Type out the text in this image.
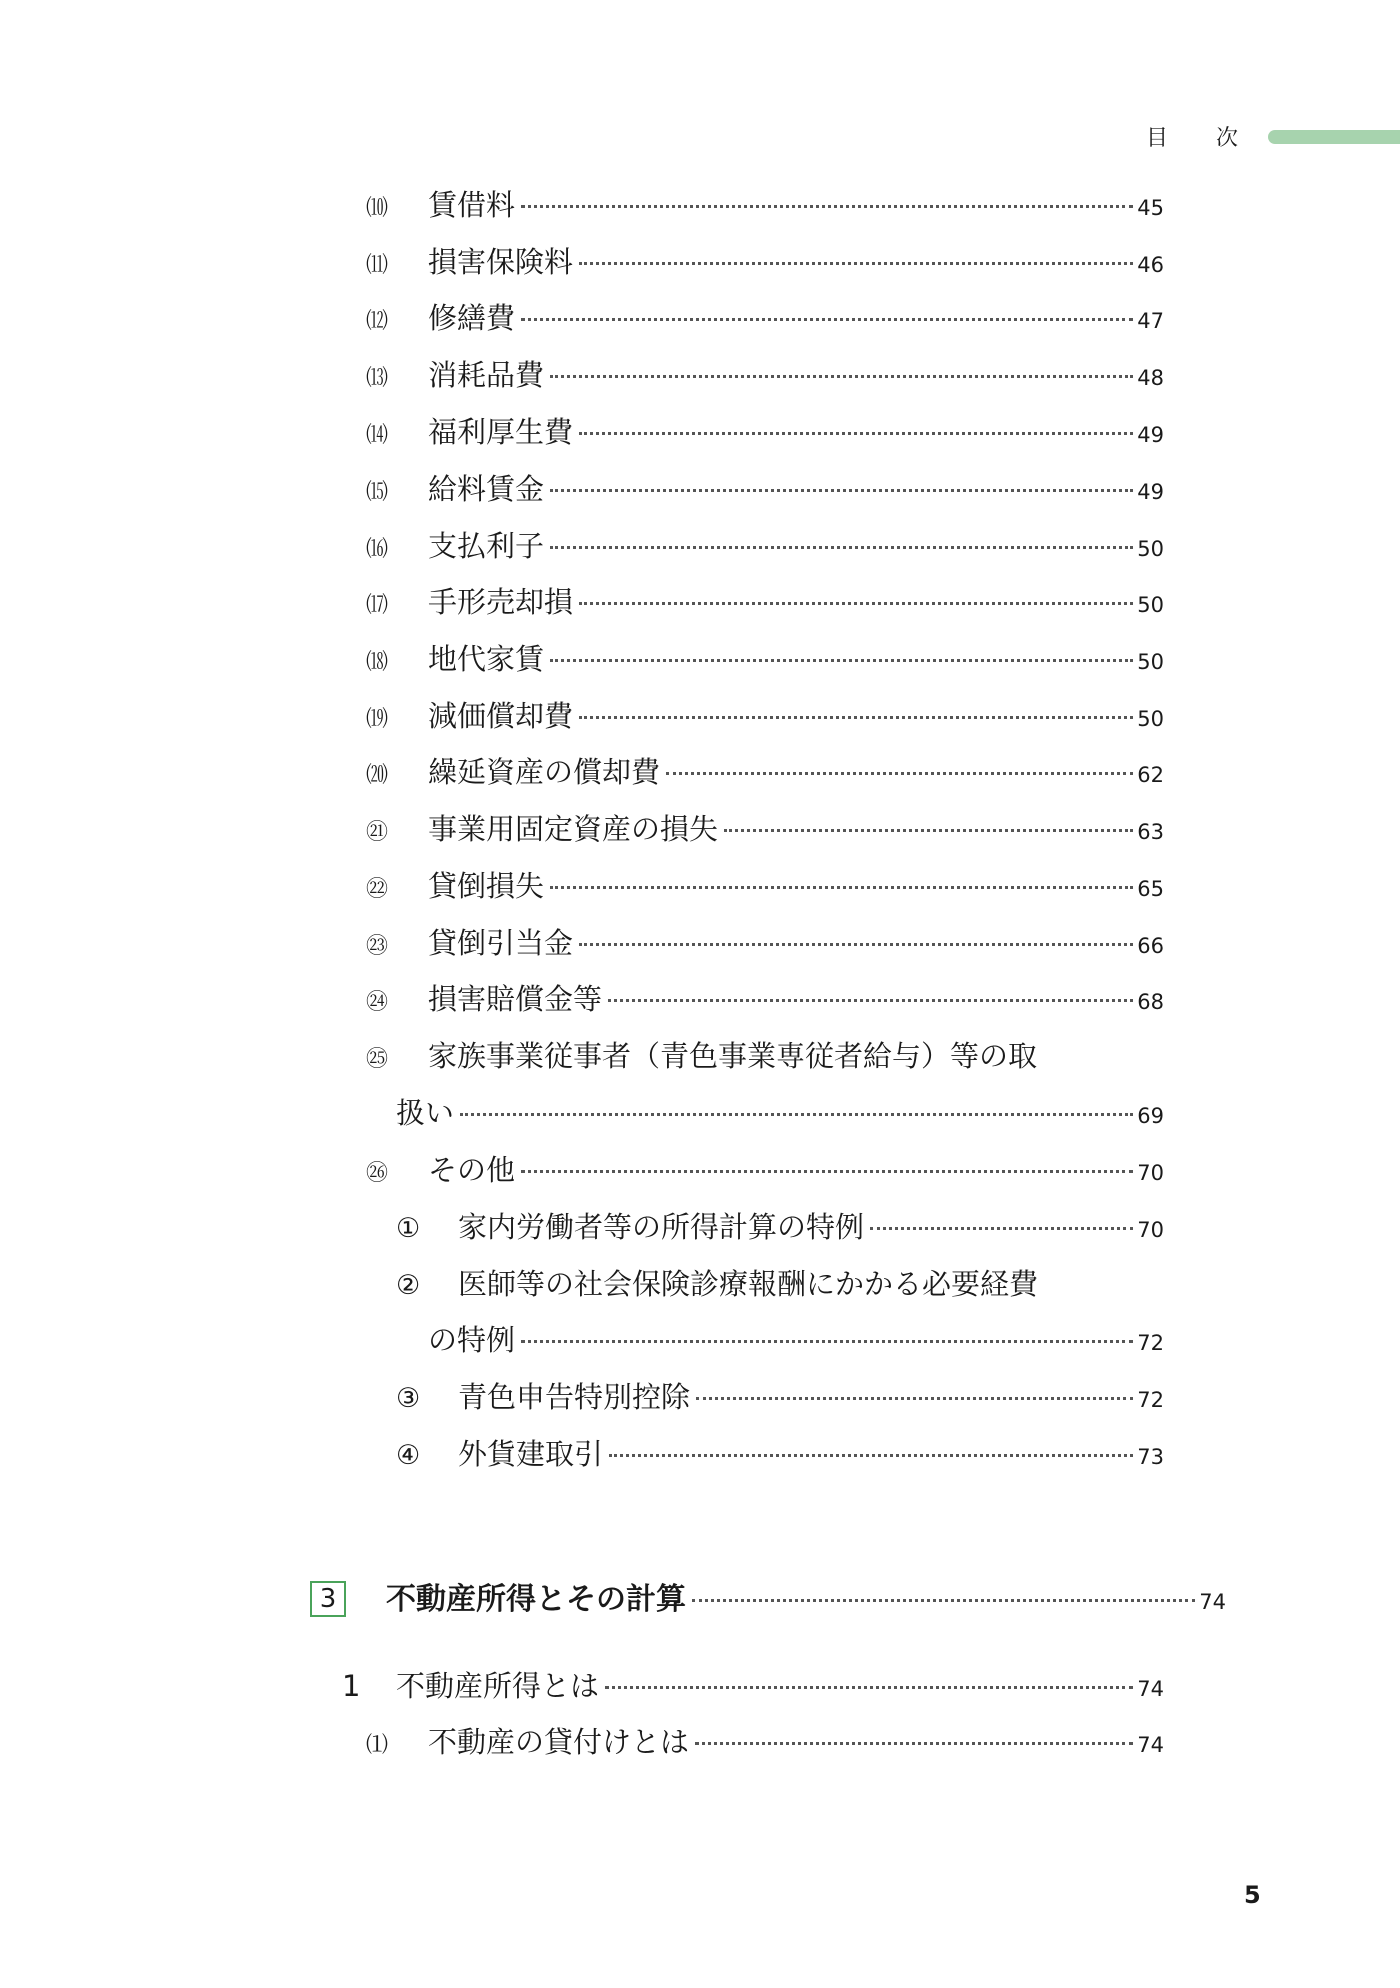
目 次
⑽	賃借料	45
⑾	損害保険料	46
⑿	修繕費	47
⒀	消耗品費	48
⒁	福利厚生費	49
⒂	給料賃金	49
⒃	支払利子	50
⒄	手形売却損	50
⒅	地代家賃	50
⒆	減価償却費	50
⒇	繰延資産の償却費	62
㉑	事業用固定資産の損失	63
㉒	貸倒損失	65
㉓	貸倒引当金	66
㉔	損害賠償金等	68
㉕ 家族事業従事者（青色事業専従者給与）等の取
扱い	69
㉖	その他	70
①	家内労働者等の所得計算の特例	70
② 医師等の社会保険診療報酬にかかる必要経費
の特例	72
③	青色申告特別控除	72
④	外貨建取引	73
3	不動産所得とその計算	74
1	不動産所得とは	74
⑴	不動産の貸付けとは	74
5
